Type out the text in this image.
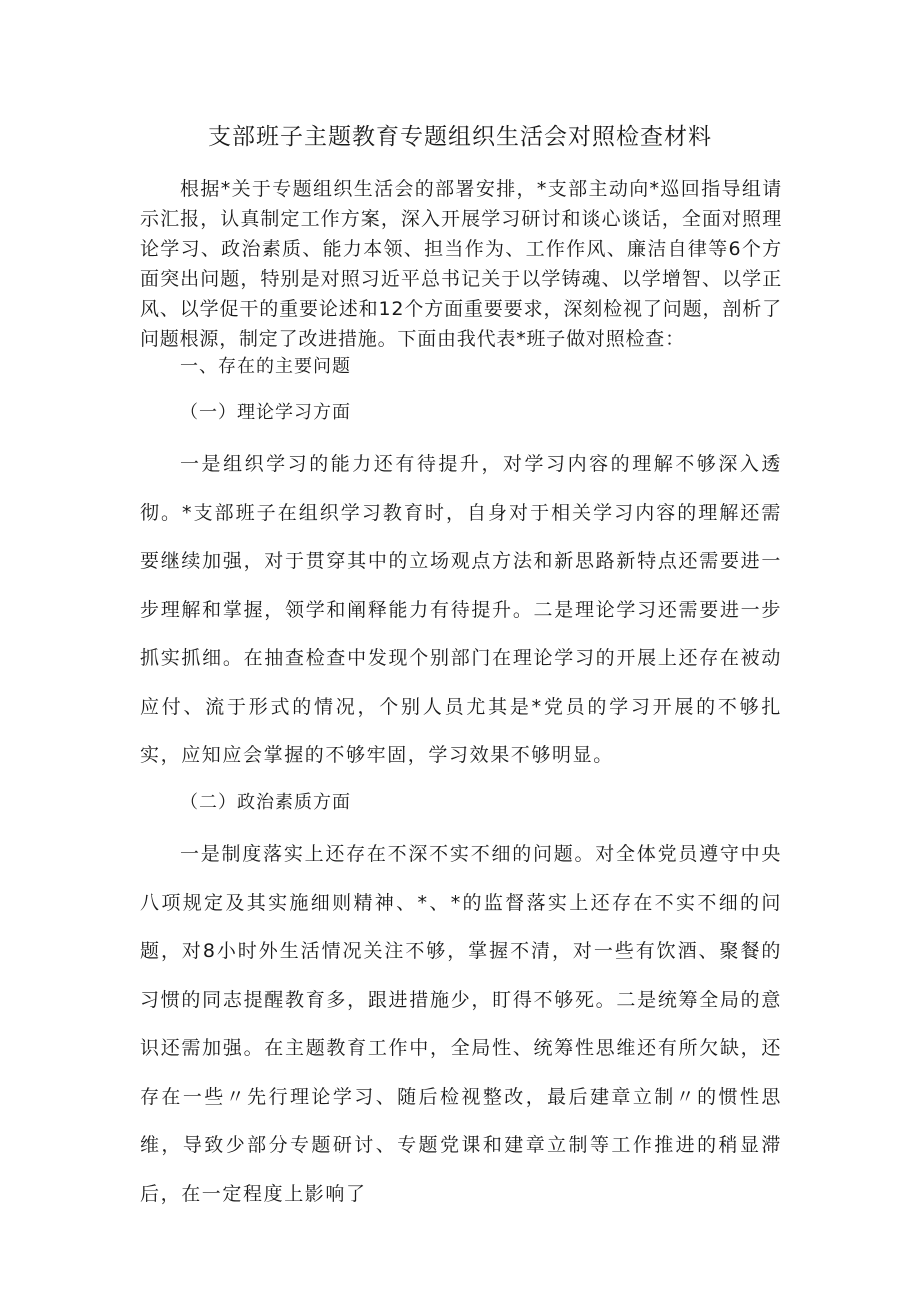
支部班子主题教育专题组织生活会对照检查材料

根据*关于专题组织生活会的部署安排，*支部主动向*巡回指导组请示汇报，认真制定工作方案，深入开展学习研讨和谈心谈话，全面对照理论学习、政治素质、能力本领、担当作为、工作作风、廉洁自律等6个方面突出问题，特别是对照习近平总书记关于以学铸魂、以学增智、以学正风、以学促干的重要论述和12个方面重要要求，深刻检视了问题，剖析了问题根源，制定了改进措施。下面由我代表*班子做对照检查：

一、存在的主要问题
（一）理论学习方面

一是组织学习的能力还有待提升，对学习内容的理解不够深入透彻。*支部班子在组织学习教育时，自身对于相关学习内容的理解还需要继续加强，对于贯穿其中的立场观点方法和新思路新特点还需要进一步理解和掌握，领学和阐释能力有待提升。二是理论学习还需要进一步抓实抓细。在抽查检查中发现个别部门在理论学习的开展上还存在被动应付、流于形式的情况，个别人员尤其是*党员的学习开展的不够扎实，应知应会掌握的不够牢固，学习效果不够明显。

（二）政治素质方面

一是制度落实上还存在不深不实不细的问题。对全体党员遵守中央八项规定及其实施细则精神、*、*的监督落实上还存在不实不细的问题，对8小时外生活情况关注不够，掌握不清，对一些有饮酒、聚餐的习惯的同志提醒教育多，跟进措施少，盯得不够死。二是统筹全局的意识还需加强。在主题教育工作中，全局性、统筹性思维还有所欠缺，还存在一些〃先行理论学习、随后检视整改，最后建章立制〃的惯性思维，导致少部分专题研讨、专题党课和建章立制等工作推进的稍显滞后，在一定程度上影响了
